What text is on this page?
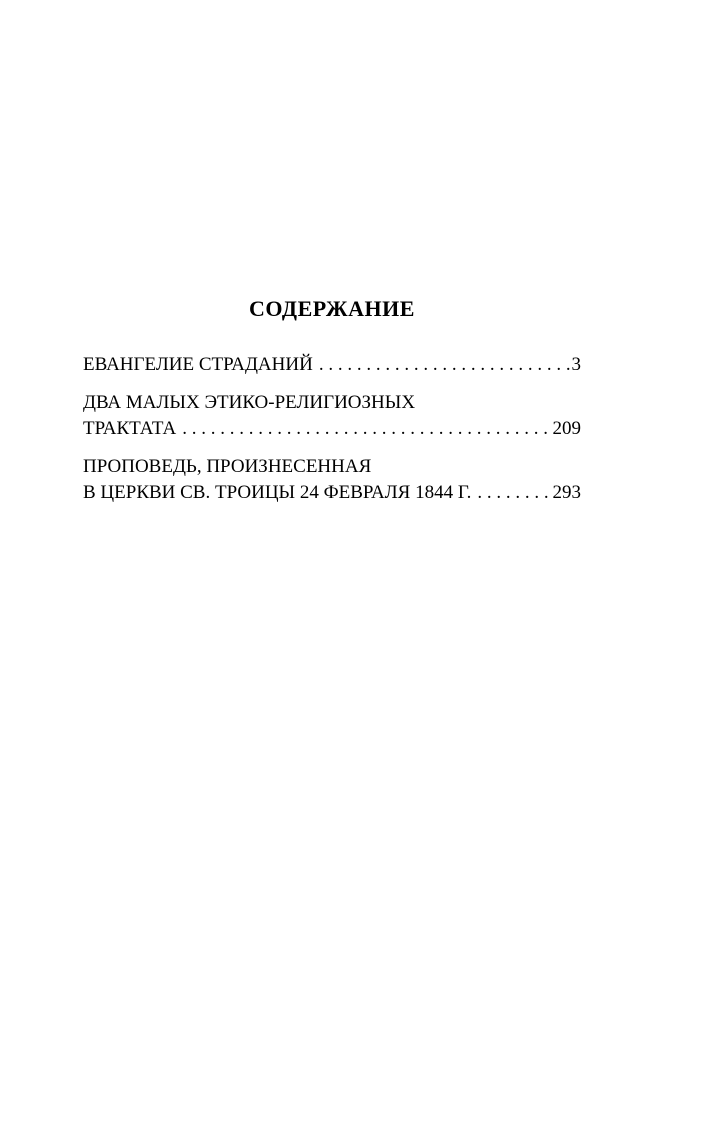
СОДЕРЖАНИЕ
ЕВАНГЕЛИЕ СТРАДАНИЙ . . .	3
ДВА МАЛЫХ ЭТИКО-РЕЛИГИОЗНЫХ
ТРАКТАТА . . .	209
ПРОПОВЕДЬ, ПРОИЗНЕСЕННАЯ
В ЦЕРКВИ СВ. ТРОИЦЫ 24 ФЕВРАЛЯ 1844 Г. . . .	293
